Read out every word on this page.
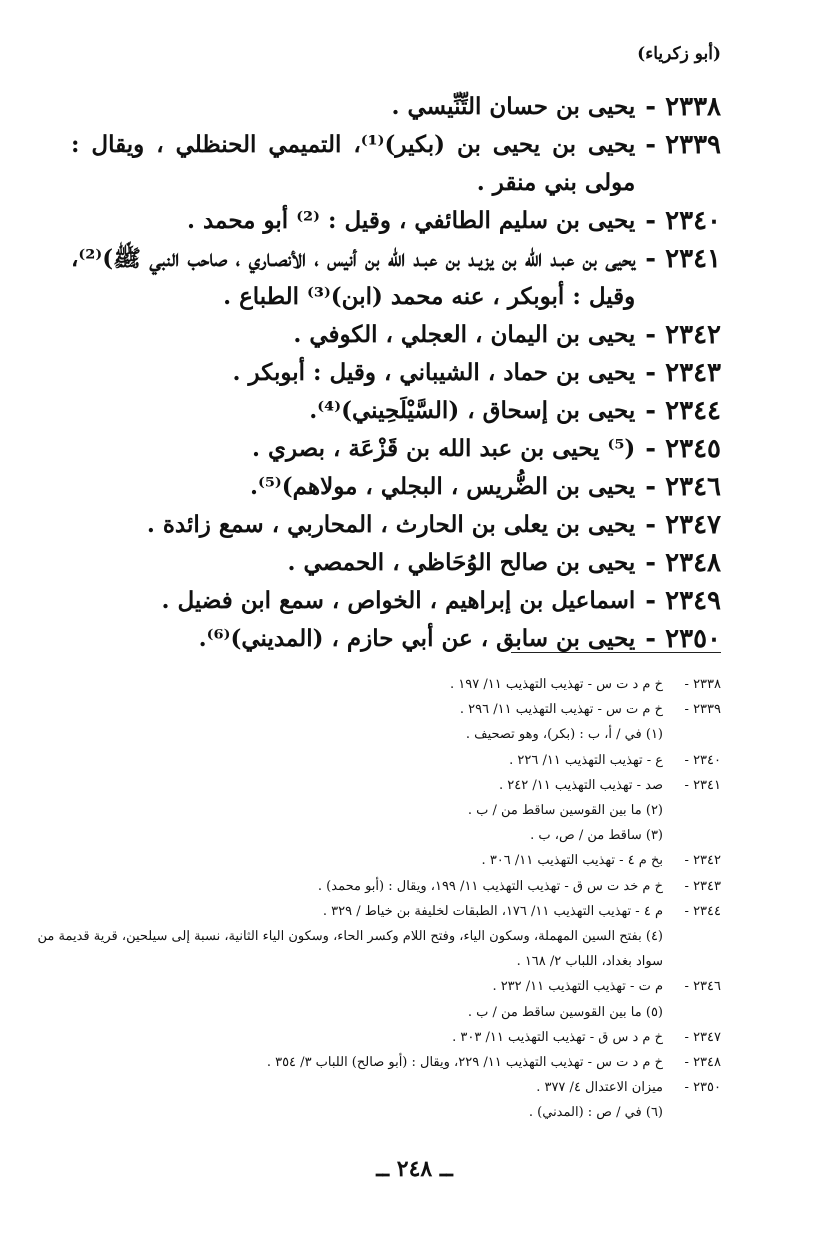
(أبو زكرياء)
٢٣٣٨ -
يحيى بن حسان التِّنِّيسي .
٢٣٣٩ -
يحيى بن يحيى بن (بكير)⁽¹⁾، التميمي الحنظلي ، ويقال : مولى بني منقر .
٢٣٤٠ -
يحيى بن سليم الطائفي ، وقيل : ⁽²⁾ أبو محمد .
٢٣٤١ -
يحيى بن عبـد الله بن يزيـد بن عبـد الله بن أنيس ، الأنصـاري ، صاحب النبي ﷺ)⁽²⁾، وقيل : أبوبكر ، عنه محمد (ابن)⁽³⁾ الطباع .
٢٣٤٢ -
يحيى بن اليمان ، العجلي ، الكوفي .
٢٣٤٣ -
يحيى بن حماد ، الشيباني ، وقيل : أبوبكر .
٢٣٤٤ -
يحيى بن إسحاق ، (السَّيْلَحِيني)⁽⁴⁾.
٢٣٤٥ -
(⁵⁾ يحيى بن عبد الله بن قَزْعَة ، بصري .
٢٣٤٦ -
يحيى بن الضُّريس ، البجلي ، مولاهم)⁽⁵⁾.
٢٣٤٧ -
يحيى بن يعلى بن الحارث ، المحاربي ، سمع زائدة .
٢٣٤٨ -
يحيى بن صالح الوُحَاظي ، الحمصي .
٢٣٤٩ -
اسماعيل بن إبراهيم ، الخواص ، سمع ابن فضيل .
٢٣٥٠ -
يحيى بن سابق ، عن أبي حازم ، (المديني)⁽⁶⁾.
٢٣٣٨ -
خ م د ت س - تهذيب التهذيب ١١/ ١٩٧ .
٢٣٣٩ -
خ م ت س - تهذيب التهذيب ١١/ ٢٩٦ .
(١) في / أ، ب : (بكر)، وهو تصحيف .
٢٣٤٠ -
ع - تهذيب التهذيب ١١/ ٢٢٦ .
٢٣٤١ -
صد - تهذيب التهذيب ١١/ ٢٤٢ .
(٢) ما بين القوسين ساقط من / ب .
(٣) ساقط من / ص، ب .
٢٣٤٢ -
بخ م ٤ - تهذيب التهذيب ١١/ ٣٠٦ .
٢٣٤٣ -
خ م خد ت س ق - تهذيب التهذيب ١١/ ١٩٩، ويقال : (أبو محمد) .
٢٣٤٤ -
م ٤ - تهذيب التهذيب ١١/ ١٧٦، الطبقات لخليفة بن خياط / ٣٢٩ .
(٤) بفتح السين المهملة، وسكون الياء، وفتح اللام وكسر الحاء، وسكون الياء الثانية، نسبة إلى سيلحين، قرية قديمة من سواد بغداد، اللباب ٢/ ١٦٨ .
٢٣٤٦ -
م ت - تهذيب التهذيب ١١/ ٢٣٢ .
(٥) ما بين القوسين ساقط من / ب .
٢٣٤٧ -
خ م د س ق - تهذيب التهذيب ١١/ ٣٠٣ .
٢٣٤٨ -
خ م د ت س - تهذيب التهذيب ١١/ ٢٢٩، ويقال : (أبو صالح) اللباب ٣/ ٣٥٤ .
٢٣٥٠ -
ميزان الاعتدال ٤/ ٣٧٧ .
(٦) في / ص : (المدني) .
ــ ٢٤٨ ــ
